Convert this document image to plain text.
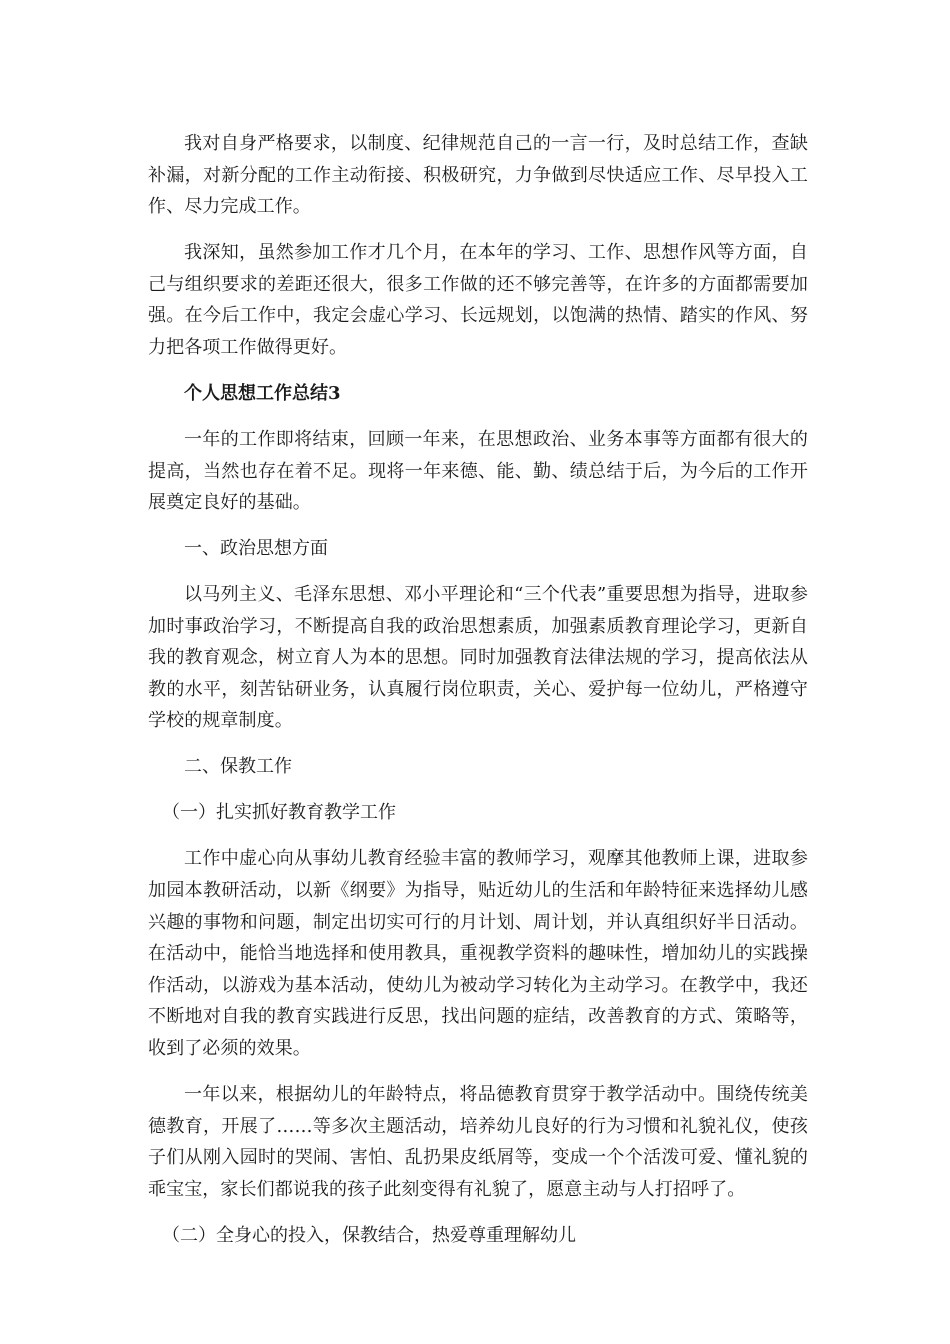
我对自身严格要求，以制度、纪律规范自己的一言一行，及时总结工作，查缺补漏，对新分配的工作主动衔接、积极研究，力争做到尽快适应工作、尽早投入工作、尽力完成工作。

我深知，虽然参加工作才几个月，在本年的学习、工作、思想作风等方面，自己与组织要求的差距还很大，很多工作做的还不够完善等，在许多的方面都需要加强。在今后工作中，我定会虚心学习、长远规划，以饱满的热情、踏实的作风、努力把各项工作做得更好。

个人思想工作总结3

一年的工作即将结束，回顾一年来，在思想政治、业务本事等方面都有很大的提高，当然也存在着不足。现将一年来德、能、勤、绩总结于后，为今后的工作开展奠定良好的基础。

一、政治思想方面

以马列主义、毛泽东思想、邓小平理论和“三个代表”重要思想为指导，进取参加时事政治学习，不断提高自我的政治思想素质，加强素质教育理论学习，更新自我的教育观念，树立育人为本的思想。同时加强教育法律法规的学习，提高依法从教的水平，刻苦钻研业务，认真履行岗位职责，关心、爱护每一位幼儿，严格遵守学校的规章制度。

二、保教工作

（一）扎实抓好教育教学工作

工作中虚心向从事幼儿教育经验丰富的教师学习，观摩其他教师上课，进取参加园本教研活动，以新《纲要》为指导，贴近幼儿的生活和年龄特征来选择幼儿感兴趣的事物和问题，制定出切实可行的月计划、周计划，并认真组织好半日活动。在活动中，能恰当地选择和使用教具，重视教学资料的趣味性，增加幼儿的实践操作活动，以游戏为基本活动，使幼儿为被动学习转化为主动学习。在教学中，我还不断地对自我的教育实践进行反思，找出问题的症结，改善教育的方式、策略等，收到了必须的效果。

一年以来，根据幼儿的年龄特点，将品德教育贯穿于教学活动中。围绕传统美德教育，开展了……等多次主题活动，培养幼儿良好的行为习惯和礼貌礼仪，使孩子们从刚入园时的哭闹、害怕、乱扔果皮纸屑等，变成一个个活泼可爱、懂礼貌的乖宝宝，家长们都说我的孩子此刻变得有礼貌了，愿意主动与人打招呼了。

（二）全身心的投入，保教结合，热爱尊重理解幼儿
